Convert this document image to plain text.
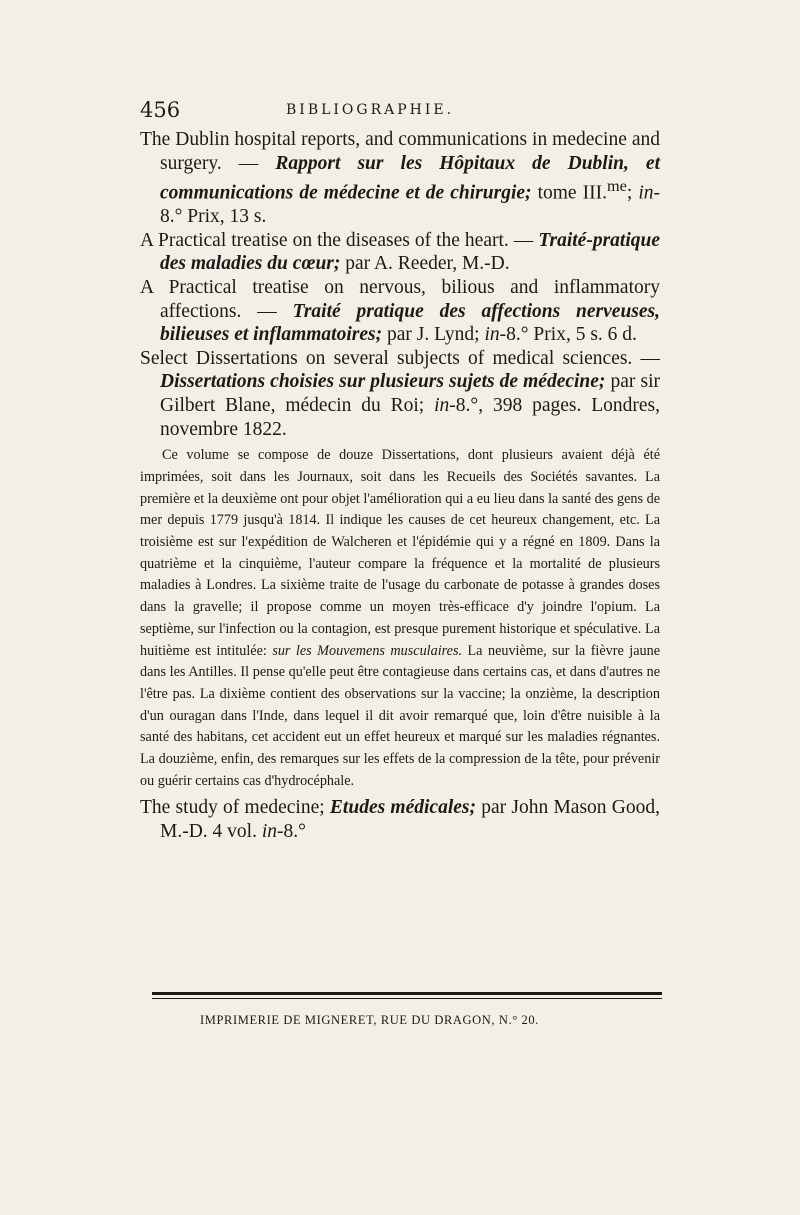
456	BIBLIOGRAPHIE.

The Dublin hospital reports, and communications in medecine and surgery. — Rapport sur les Hôpitaux de Dublin, et communications de médecine et de chirurgie; tome III.$^{me}$; in-8.° Prix, 13 s.

A Practical treatise on the diseases of the heart. — Traité-pratique des maladies du cœur; par A. Reeder, M.-D.

A Practical treatise on nervous, bilious and inflammatory affections. — Traité pratique des affections nerveuses, bilieuses et inflammatoires; par J. Lynd; in-8.° Prix, 5 s. 6 d.

Select Dissertations on several subjects of medical sciences. — Dissertations choisies sur plusieurs sujets de médecine; par sir Gilbert Blane, médecin du Roi; in-8.°, 398 pages. Londres, novembre 1822.

Ce volume se compose de douze Dissertations, dont plusieurs avaient déjà été imprimées, soit dans les Journaux, soit dans les Recueils des Sociétés savantes. La première et la deuxième ont pour objet l'amélioration qui a eu lieu dans la santé des gens de mer depuis 1779 jusqu'à 1814. Il indique les causes de cet heureux changement, etc. La troisième est sur l'expédition de Walcheren et l'épidémie qui y a régné en 1809. Dans la quatrième et la cinquième, l'auteur compare la fréquence et la mortalité de plusieurs maladies à Londres. La sixième traite de l'usage du carbonate de potasse à grandes doses dans la gravelle; il propose comme un moyen très-efficace d'y joindre l'opium. La septième, sur l'infection ou la contagion, est presque purement historique et spéculative. La huitième est intitulée: sur les Mouvemens musculaires. La neuvième, sur la fièvre jaune dans les Antilles. Il pense qu'elle peut être contagieuse dans certains cas, et dans d'autres ne l'être pas. La dixième contient des observations sur la vaccine; la onzième, la description d'un ouragan dans l'Inde, dans lequel il dit avoir remarqué que, loin d'être nuisible à la santé des habitans, cet accident eut un effet heureux et marqué sur les maladies régnantes. La douzième, enfin, des remarques sur les effets de la compression de la tête, pour prévenir ou guérir certains cas d'hydrocéphale.

The study of medecine; Etudes médicales; par John Mason Good, M.-D. 4 vol. in-8.°

IMPRIMERIE DE MIGNERET, RUE DU DRAGON, N.° 20.
